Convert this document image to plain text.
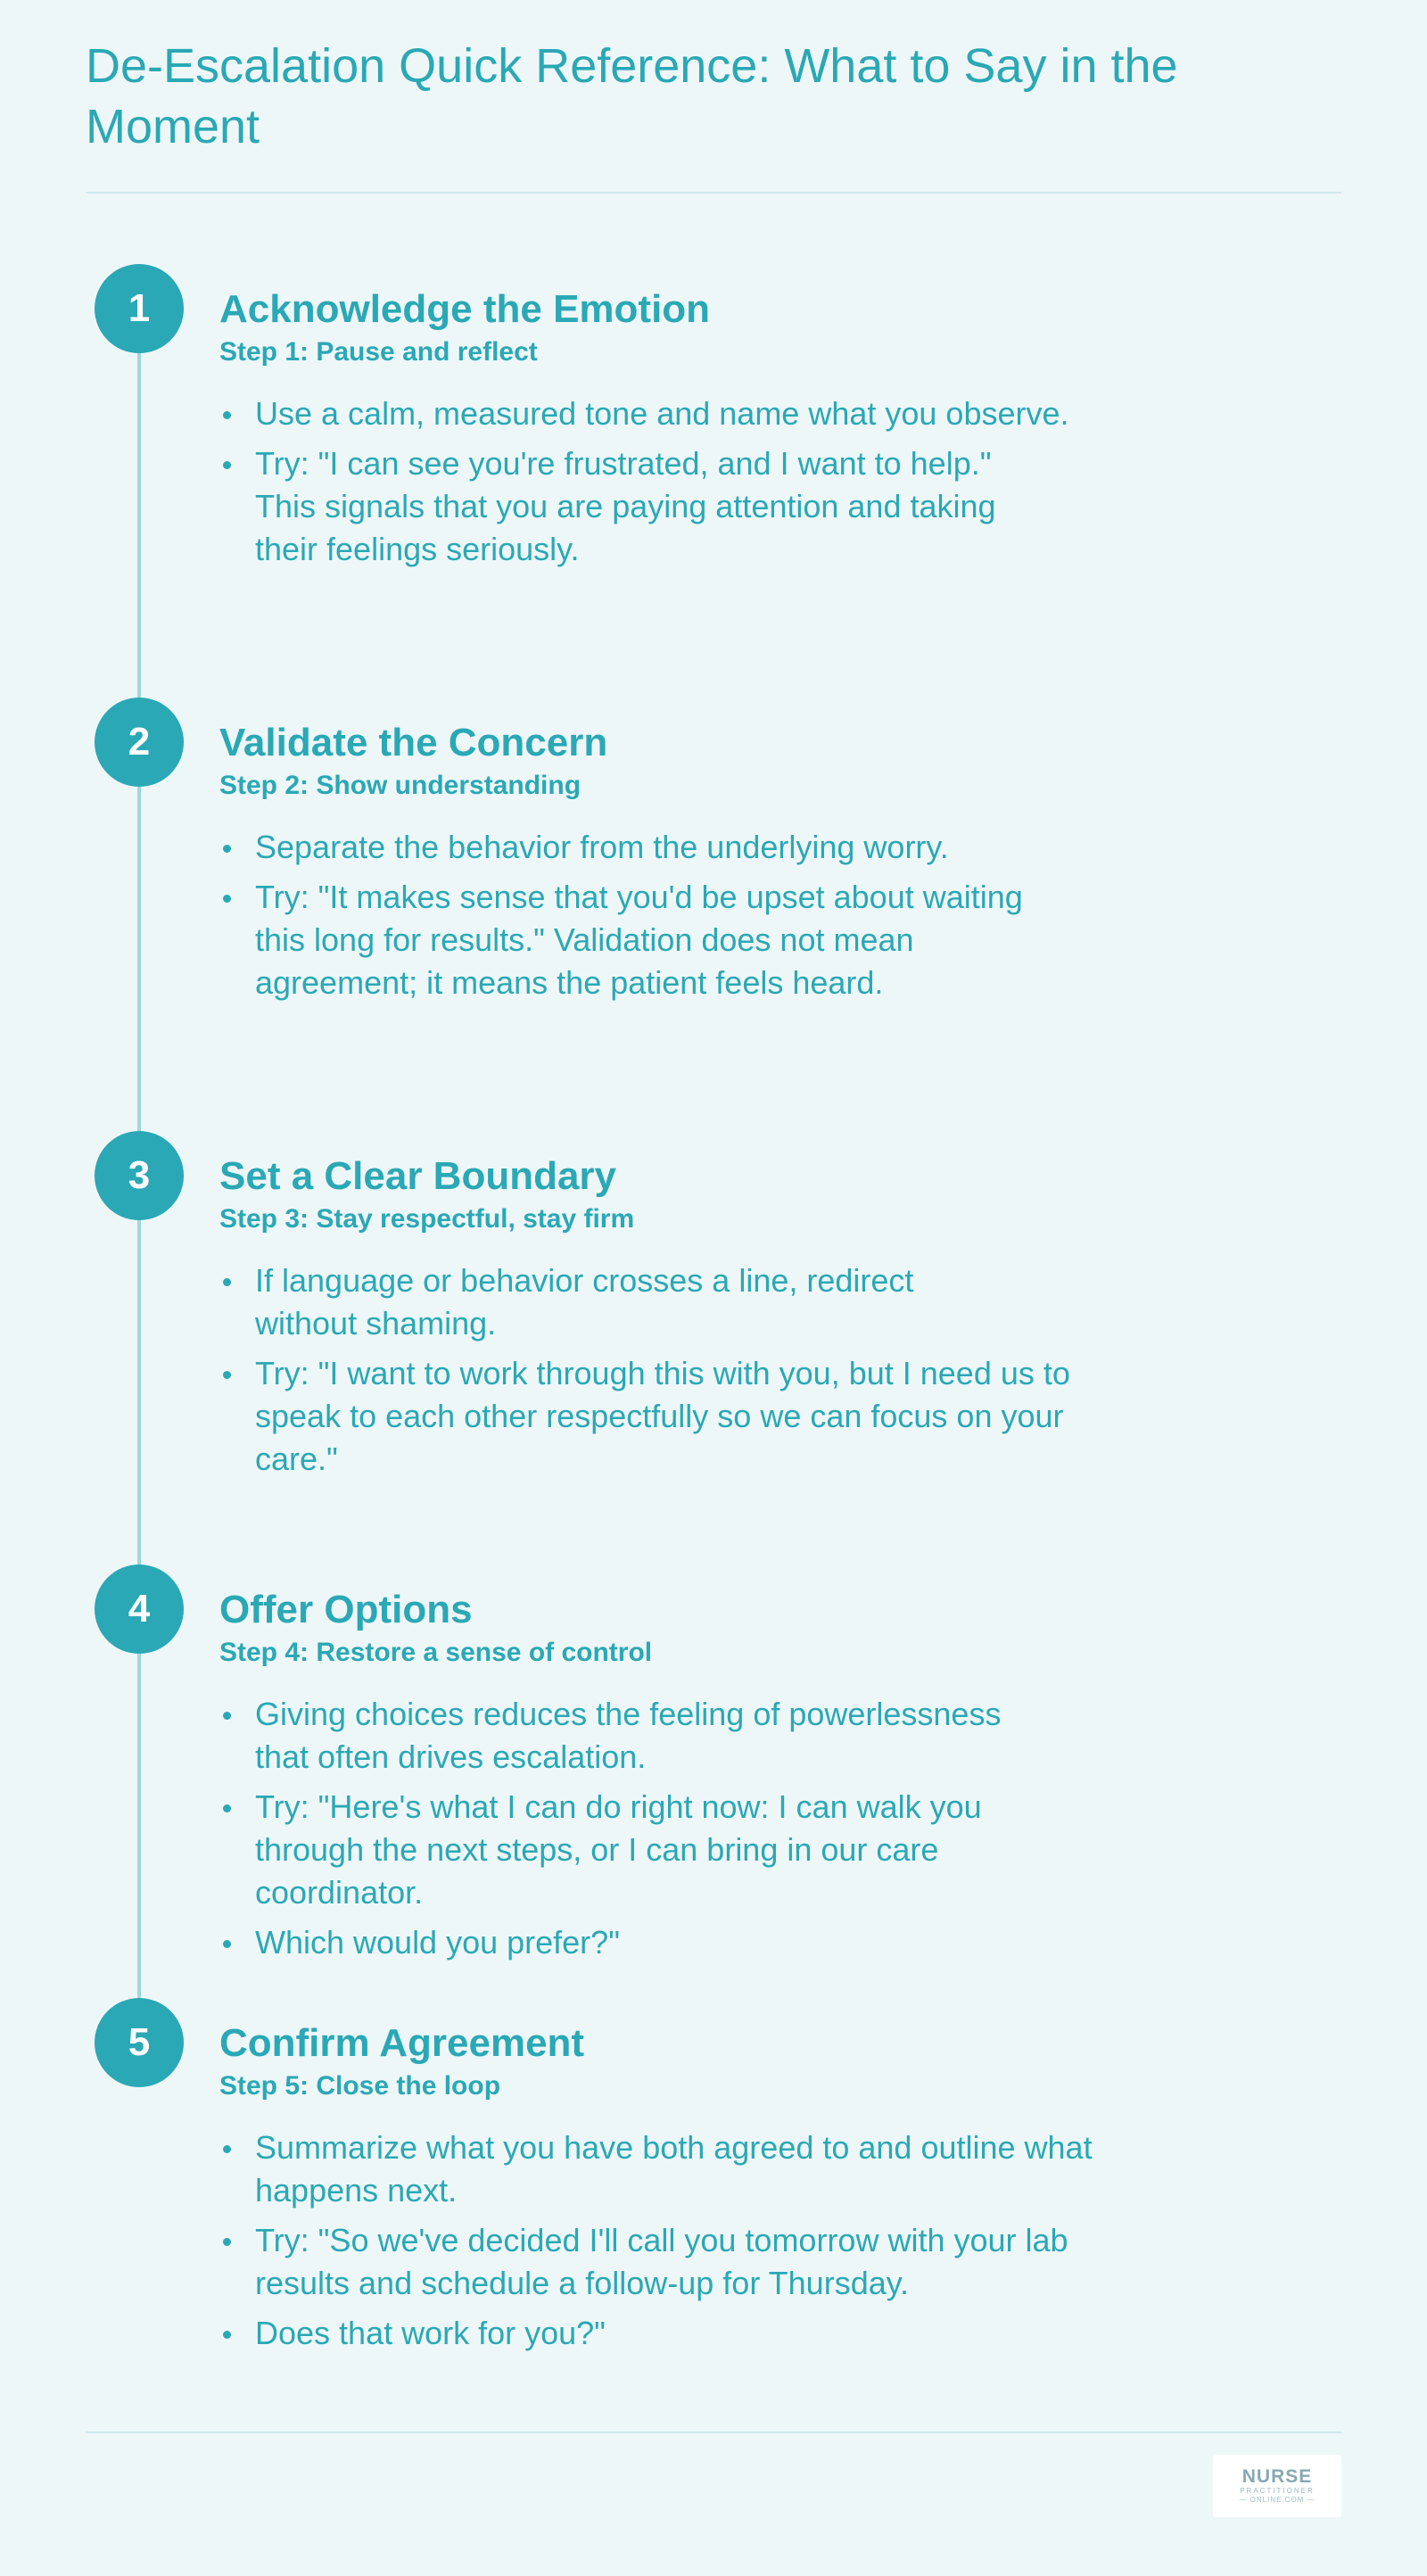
De-Escalation Quick Reference: What to Say in the Moment
1	Acknowledge the Emotion

Step 1: Pause and reflect

Use a calm, measured tone and name what you observe.
Try: "I can see you're frustrated, and I want to help." This signals that you are paying attention and taking their feelings seriously.
2	Validate the Concern

Step 2: Show understanding

Separate the behavior from the underlying worry.
Try: "It makes sense that you'd be upset about waiting this long for results." Validation does not mean agreement; it means the patient feels heard.
3	Set a Clear Boundary

Step 3: Stay respectful, stay firm

If language or behavior crosses a line, redirect without shaming.
Try: "I want to work through this with you, but I need us to speak to each other respectfully so we can focus on your care."
4	Offer Options

Step 4: Restore a sense of control

Giving choices reduces the feeling of powerlessness that often drives escalation.
Try: "Here's what I can do right now: I can walk you through the next steps, or I can bring in our care coordinator.
Which would you prefer?"
5	Confirm Agreement

Step 5: Close the loop

Summarize what you have both agreed to and outline what happens next.
Try: "So we've decided I'll call you tomorrow with your lab results and schedule a follow-up for Thursday.
Does that work for you?"
NURSE
PRACTITIONER
— ONLINE.COM —
